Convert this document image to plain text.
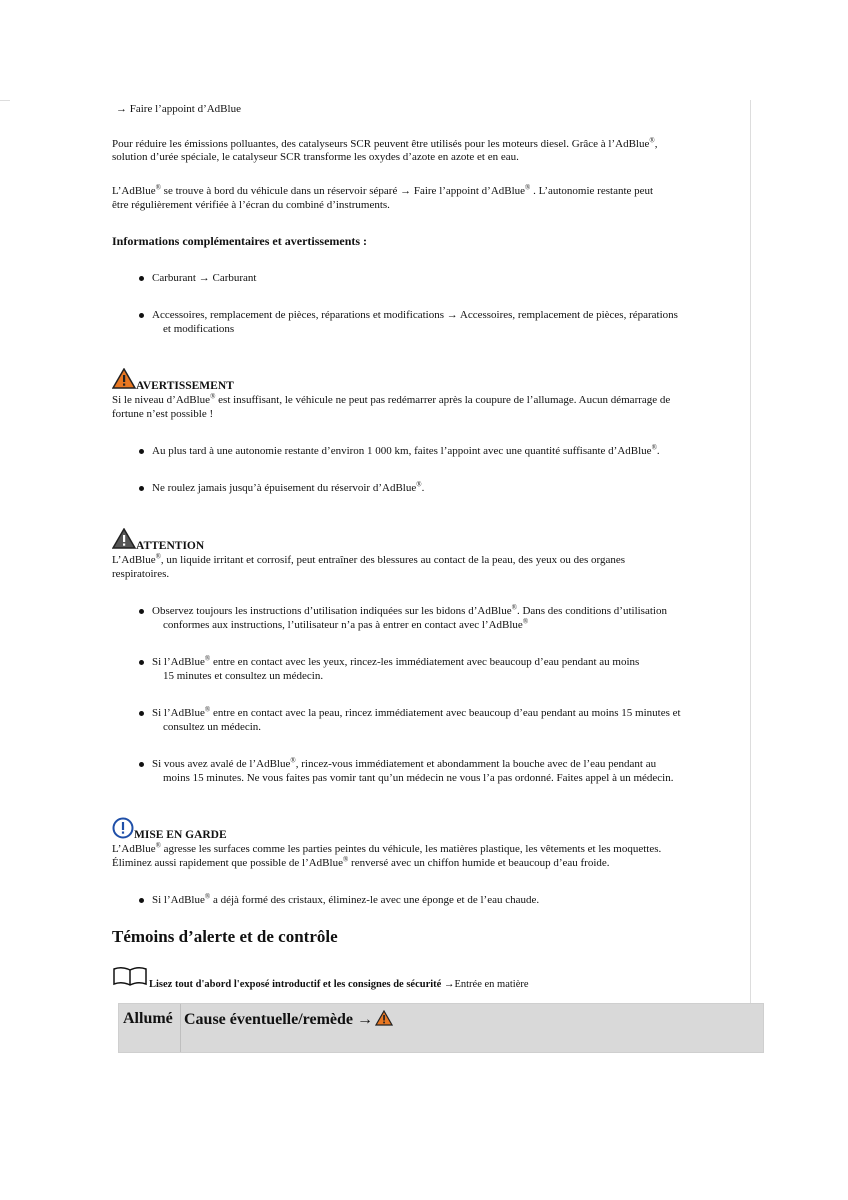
→ Faire l’appoint d’AdBlue
Pour réduire les émissions polluantes, des catalyseurs SCR peuvent être utilisés pour les moteurs diesel. Grâce à l’AdBlue®,
solution d’urée spéciale, le catalyseur SCR transforme les oxydes d’azote en azote et en eau.
L’AdBlue® se trouve à bord du véhicule dans un réservoir séparé → Faire l’appoint d’AdBlue® . L’autonomie restante peut
être régulièrement vérifiée à l’écran du combiné d’instruments.
Informations complémentaires et avertissements :
Carburant → Carburant
Accessoires, remplacement de pièces, réparations et modifications → Accessoires, remplacement de pièces, réparations
et modifications
AVERTISSEMENT
Si le niveau d’AdBlue® est insuffisant, le véhicule ne peut pas redémarrer après la coupure de l’allumage. Aucun démarrage de
fortune n’est possible !
Au plus tard à une autonomie restante d’environ 1 000 km, faites l’appoint avec une quantité suffisante d’AdBlue®.
Ne roulez jamais jusqu’à épuisement du réservoir d’AdBlue®.
ATTENTION
L’AdBlue®, un liquide irritant et corrosif, peut entraîner des blessures au contact de la peau, des yeux ou des organes
respiratoires.
Observez toujours les instructions d’utilisation indiquées sur les bidons d’AdBlue®. Dans des conditions d’utilisation
conformes aux instructions, l’utilisateur n’a pas à entrer en contact avec l’AdBlue®
Si l’AdBlue® entre en contact avec les yeux, rincez-les immédiatement avec beaucoup d’eau pendant au moins
15 minutes et consultez un médecin.
Si l’AdBlue® entre en contact avec la peau, rincez immédiatement avec beaucoup d’eau pendant au moins 15 minutes et
consultez un médecin.
Si vous avez avalé de l’AdBlue®, rincez-vous immédiatement et abondamment la bouche avec de l’eau pendant au
moins 15 minutes. Ne vous faites pas vomir tant qu’un médecin ne vous l’a pas ordonné. Faites appel à un médecin.
MISE EN GARDE
L’AdBlue® agresse les surfaces comme les parties peintes du véhicule, les matières plastique, les vêtements et les moquettes.
Éliminez aussi rapidement que possible de l’AdBlue® renversé avec un chiffon humide et beaucoup d’eau froide.
Si l’AdBlue® a déjà formé des cristaux, éliminez-le avec une éponge et de l’eau chaude.
Témoins d’alerte et de contrôle
Lisez tout d'abord l'exposé introductif et les consignes de sécurité →Entrée en matière
Allumé Cause éventuelle/remède →
